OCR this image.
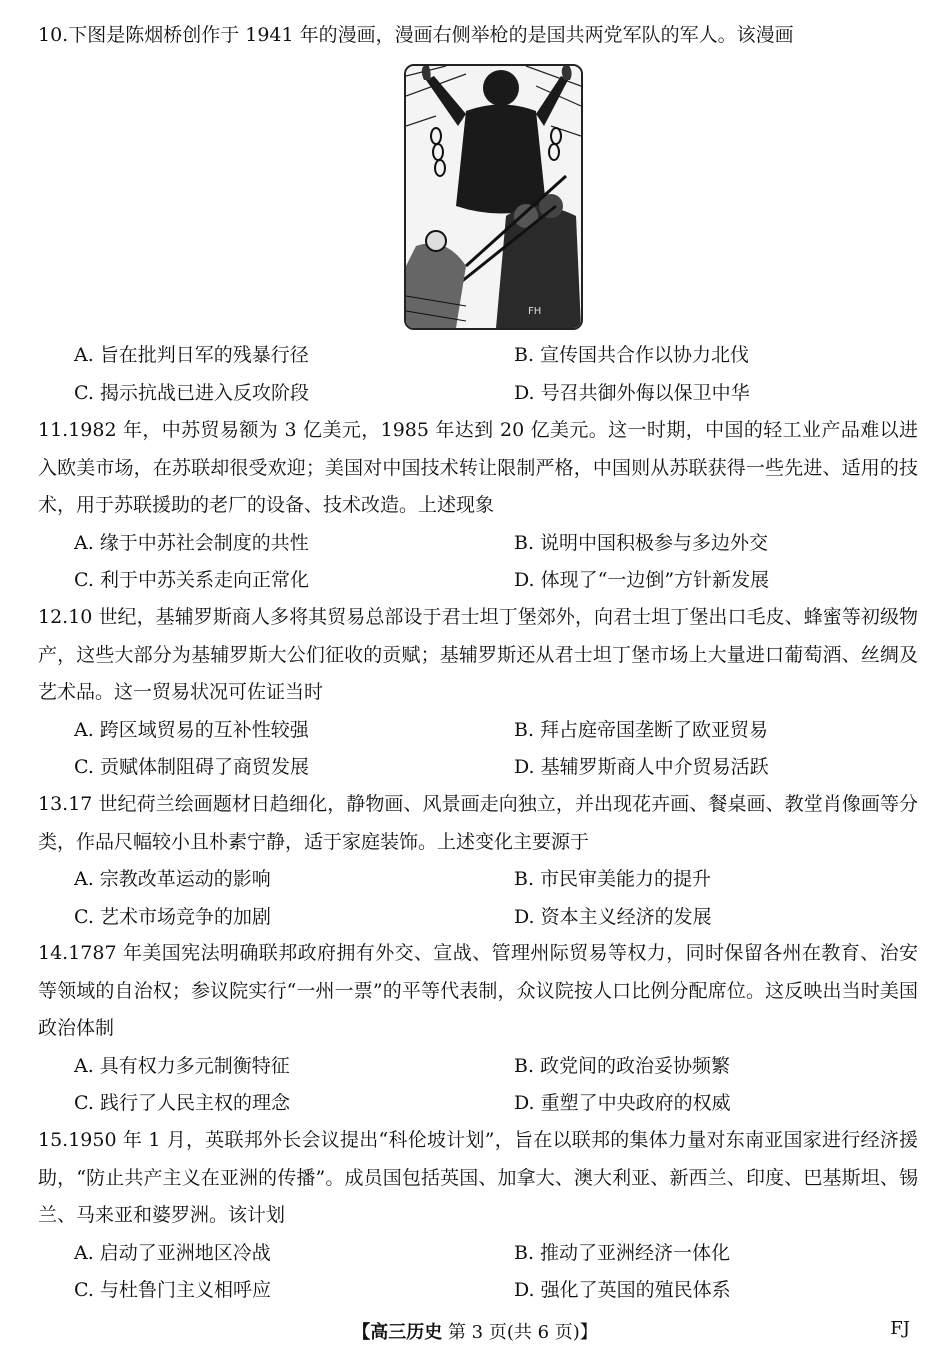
10.下图是陈烟桥创作于 1941 年的漫画，漫画右侧举枪的是国共两党军队的军人。该漫画

FH
A. 旨在批判日军的残暴行径	B. 宣传国共合作以协力北伐
C. 揭示抗战已进入反攻阶段	D. 号召共御外侮以保卫中华

11.1982 年，中苏贸易额为 3 亿美元，1985 年达到 20 亿美元。这一时期，中国的轻工业产品难以进入欧美市场，在苏联却很受欢迎；美国对中国技术转让限制严格，中国则从苏联获得一些先进、适用的技术，用于苏联援助的老厂的设备、技术改造。上述现象

A. 缘于中苏社会制度的共性	B. 说明中国积极参与多边外交
C. 利于中苏关系走向正常化	D. 体现了“一边倒”方针新发展

12.10 世纪，基辅罗斯商人多将其贸易总部设于君士坦丁堡郊外，向君士坦丁堡出口毛皮、蜂蜜等初级物产，这些大部分为基辅罗斯大公们征收的贡赋；基辅罗斯还从君士坦丁堡市场上大量进口葡萄酒、丝绸及艺术品。这一贸易状况可佐证当时

A. 跨区域贸易的互补性较强	B. 拜占庭帝国垄断了欧亚贸易
C. 贡赋体制阻碍了商贸发展	D. 基辅罗斯商人中介贸易活跃

13.17 世纪荷兰绘画题材日趋细化，静物画、风景画走向独立，并出现花卉画、餐桌画、教堂肖像画等分类，作品尺幅较小且朴素宁静，适于家庭装饰。上述变化主要源于

A. 宗教改革运动的影响	B. 市民审美能力的提升
C. 艺术市场竞争的加剧	D. 资本主义经济的发展

14.1787 年美国宪法明确联邦政府拥有外交、宣战、管理州际贸易等权力，同时保留各州在教育、治安等领域的自治权；参议院实行“一州一票”的平等代表制，众议院按人口比例分配席位。这反映出当时美国政治体制

A. 具有权力多元制衡特征	B. 政党间的政治妥协频繁
C. 践行了人民主权的理念	D. 重塑了中央政府的权威

15.1950 年 1 月，英联邦外长会议提出“科伦坡计划”，旨在以联邦的集体力量对东南亚国家进行经济援助，“防止共产主义在亚洲的传播”。成员国包括英国、加拿大、澳大利亚、新西兰、印度、巴基斯坦、锡兰、马来亚和婆罗洲。该计划

A. 启动了亚洲地区冷战	B. 推动了亚洲经济一体化
C. 与杜鲁门主义相呼应	D. 强化了英国的殖民体系
【高三历史 第 3 页(共 6 页)】	FJ
